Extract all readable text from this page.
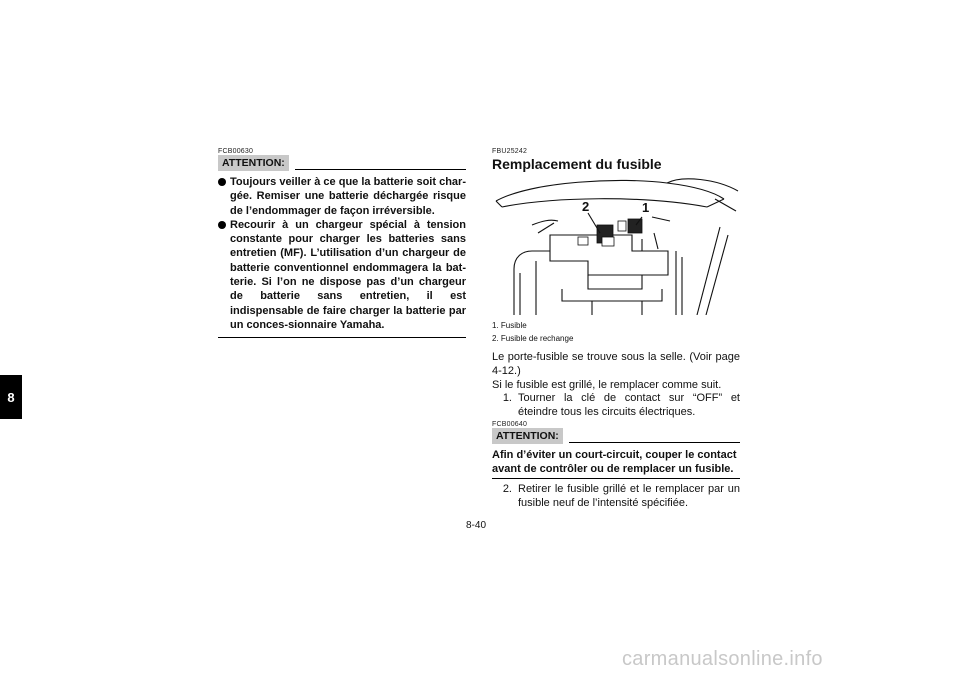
8
FCB00630
ATTENTION:
Toujours veiller à ce que la batterie soit char-gée. Remiser une batterie déchargée risque de l’endommager de façon irréversible.
Recourir à un chargeur spécial à tension constante pour charger les batteries sans entretien (MF). L’utilisation d’un chargeur de batterie conventionnel endommagera la bat-terie. Si l’on ne dispose pas d’un chargeur de batterie sans entretien, il est indispensable de faire charger la batterie par un conces-sionnaire Yamaha.
FBU25242
Remplacement du fusible
2	1
1. Fusible
2. Fusible de rechange
Le porte-fusible se trouve sous la selle. (Voir page 4-12.)
Si le fusible est grillé, le remplacer comme suit.
1. Tourner la clé de contact sur “OFF” et éteindre tous les circuits électriques.
FCB00640
ATTENTION:
Afin d’éviter un court-circuit, couper le contact avant de contrôler ou de remplacer un fusible.
2. Retirer le fusible grillé et le remplacer par un fusible neuf de l’intensité spécifiée.
8-40
carmanualsonline.info
